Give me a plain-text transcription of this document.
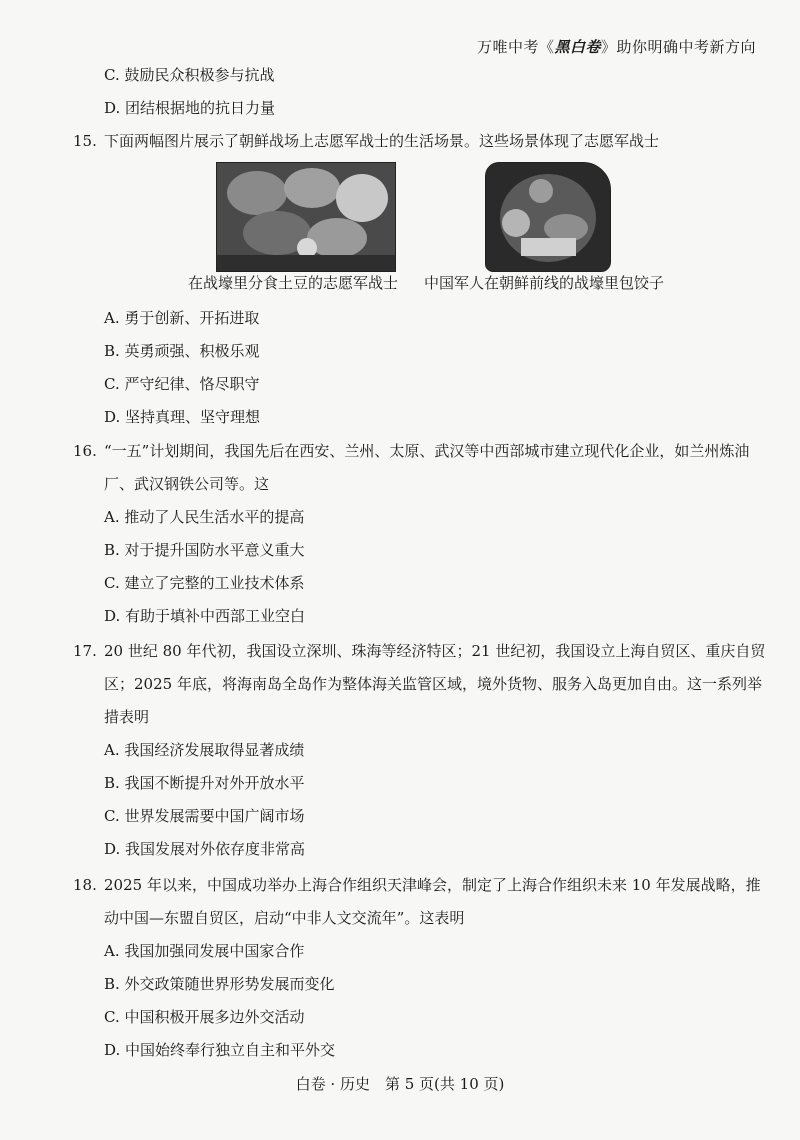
万唯中考《黑白卷》助你明确中考新方向
C. 鼓励民众积极参与抗战
D. 团结根据地的抗日力量
15. 下面两幅图片展示了朝鲜战场上志愿军战士的生活场景。这些场景体现了志愿军战士
在战壕里分食土豆的志愿军战士 中国军人在朝鲜前线的战壕里包饺子
A. 勇于创新、开拓进取
B. 英勇顽强、积极乐观
C. 严守纪律、恪尽职守
D. 坚持真理、坚守理想
16. “一五”计划期间，我国先后在西安、兰州、太原、武汉等中西部城市建立现代化企业，如兰州炼油
厂、武汉钢铁公司等。这
A. 推动了人民生活水平的提高
B. 对于提升国防水平意义重大
C. 建立了完整的工业技术体系
D. 有助于填补中西部工业空白
17. 20 世纪 80 年代初，我国设立深圳、珠海等经济特区；21 世纪初，我国设立上海自贸区、重庆自贸
区；2025 年底，将海南岛全岛作为整体海关监管区域，境外货物、服务入岛更加自由。这一系列举
措表明
A. 我国经济发展取得显著成绩
B. 我国不断提升对外开放水平
C. 世界发展需要中国广阔市场
D. 我国发展对外依存度非常高
18. 2025 年以来，中国成功举办上海合作组织天津峰会，制定了上海合作组织未来 10 年发展战略，推
动中国—东盟自贸区，启动“中非人文交流年”。这表明
A. 我国加强同发展中国家合作
B. 外交政策随世界形势发展而变化
C. 中国积极开展多边外交活动
D. 中国始终奉行独立自主和平外交
白卷 · 历史　第 5 页(共 10 页)
